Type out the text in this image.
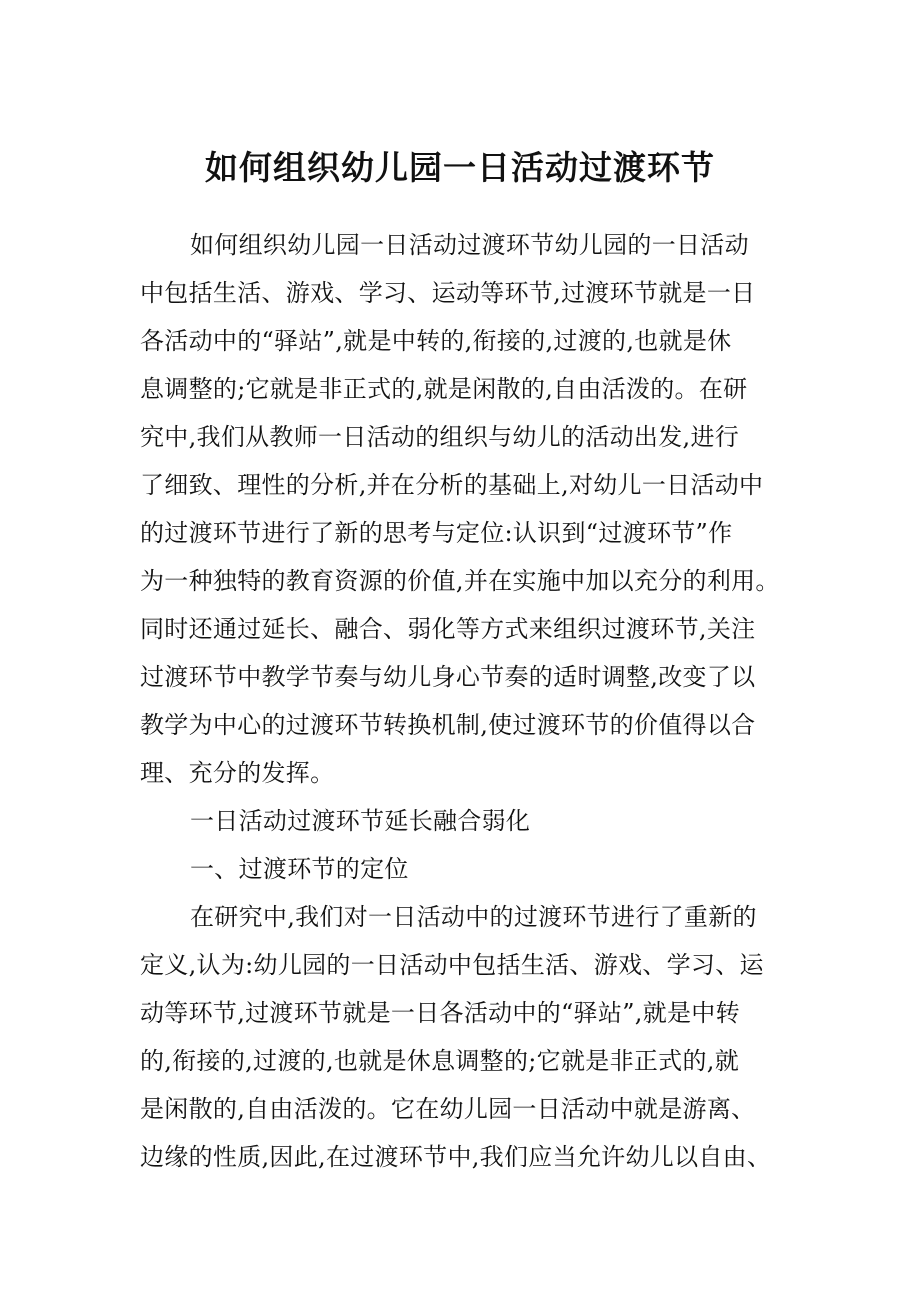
如何组织幼儿园一日活动过渡环节
如何组织幼儿园一日活动过渡环节幼儿园的一日活动
中包括生活、游戏、学习、运动等环节,过渡环节就是一日
各活动中的“驿站”,就是中转的,衔接的,过渡的,也就是休
息调整的;它就是非正式的,就是闲散的,自由活泼的。在研
究中,我们从教师一日活动的组织与幼儿的活动出发,进行
了细致、理性的分析,并在分析的基础上,对幼儿一日活动中
的过渡环节进行了新的思考与定位:认识到“过渡环节”作
为一种独特的教育资源的价值,并在实施中加以充分的利用。
同时还通过延长、融合、弱化等方式来组织过渡环节,关注
过渡环节中教学节奏与幼儿身心节奏的适时调整,改变了以
教学为中心的过渡环节转换机制,使过渡环节的价值得以合
理、充分的发挥。
一日活动过渡环节延长融合弱化
一、过渡环节的定位
在研究中,我们对一日活动中的过渡环节进行了重新的
定义,认为:幼儿园的一日活动中包括生活、游戏、学习、运
动等环节,过渡环节就是一日各活动中的“驿站”,就是中转
的,衔接的,过渡的,也就是休息调整的;它就是非正式的,就
是闲散的,自由活泼的。它在幼儿园一日活动中就是游离、
边缘的性质,因此,在过渡环节中,我们应当允许幼儿以自由、
